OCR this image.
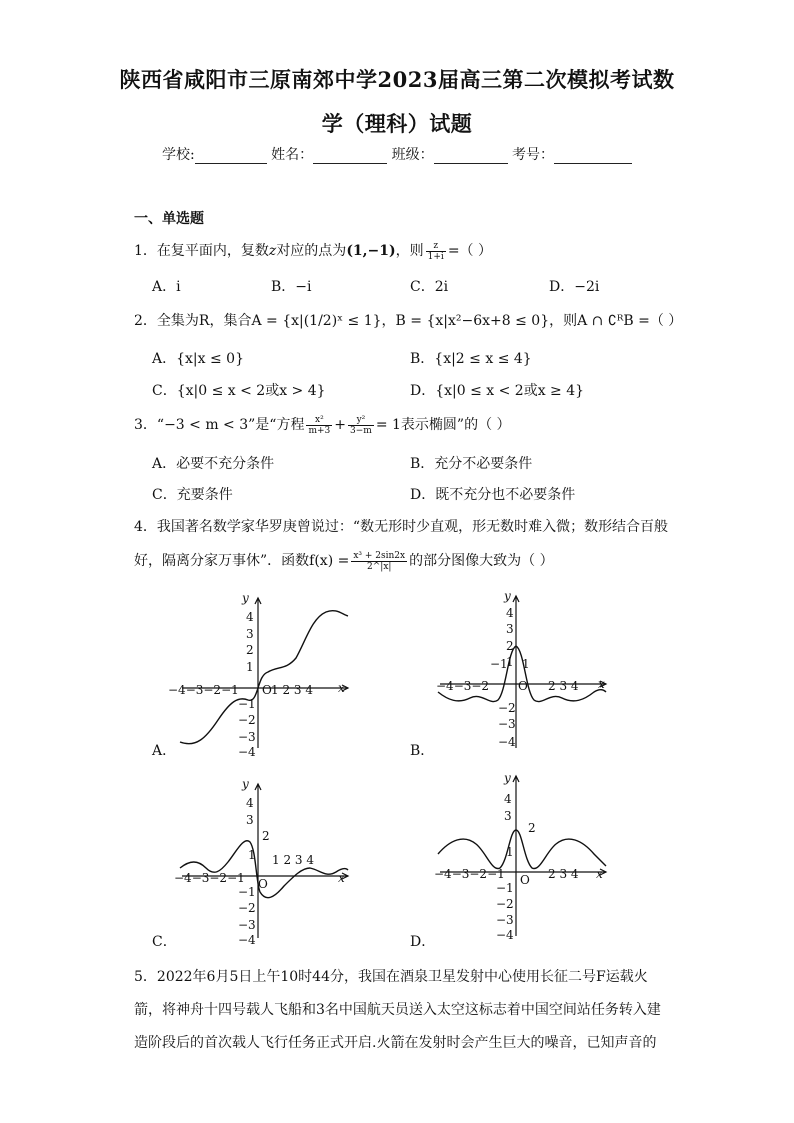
陕西省咸阳市三原南郊中学2023届高三第二次模拟考试数
学（理科）试题
学校:	姓名：	班级：	考号：
一、单选题
1．在复平面内，复数z对应的点为(1,−1)，则 $\frac{z}{1+i}$ =（ ）
A．i	B．−i	C．2i	D．−2i
2．全集为R，集合A = {x|(1/2)ˣ ≤ 1}，B = {x|x²−6x+8 ≤ 0}，则A ∩ ∁ᴿB =（ ）
A．{x|x ≤ 0}	B．{x|2 ≤ x ≤ 4}
C．{x|0 ≤ x < 2或x > 4}	D．{x|0 ≤ x < 2或x ≥ 4}
3．“−3 < m < 3”是“方程 $\frac{\text{x²}}{m+3} + \frac{\text{y²}}{3-m} = 1$表示椭圆”的（ ）
A．必要不充分条件	B．充分不必要条件
C．充要条件	D．既不充分也不必要条件
4．我国著名数学家华罗庚曾说过：“数无形时少直观，形无数时难入微；数形结合百般
好，隔离分家万事休”．函数$f(x) = \frac{\text{x³ + 2sin2x}}{2\^{}|x|}$ 的部分图像大致为（ ）
A．
−4−3−2−1 O 1 2 3 4 x
y
4
3
2
1
−1
−2
−3
−4	B．
−4−3−2
−1 1
O 2 3 4 x
y
4
3
2
1
−2
−3
−4
C．
−4−3−2−1 O
1 2 3 4
2
1
x
y
4
3
−1
−2
−3
−4	D．
−4−3−2−1 O 2 3 4
2
1
x
y
4
3
−1
−2
−3
−4
5．2022年6月5日上午10时44分，我国在酒泉卫星发射中心使用长征二号F运载火
箭，将神舟十四号载人飞船和3名中国航天员送入太空这标志着中国空间站任务转入建
造阶段后的首次载人飞行任务正式开启.火箭在发射时会产生巨大的噪音，已知声音的
